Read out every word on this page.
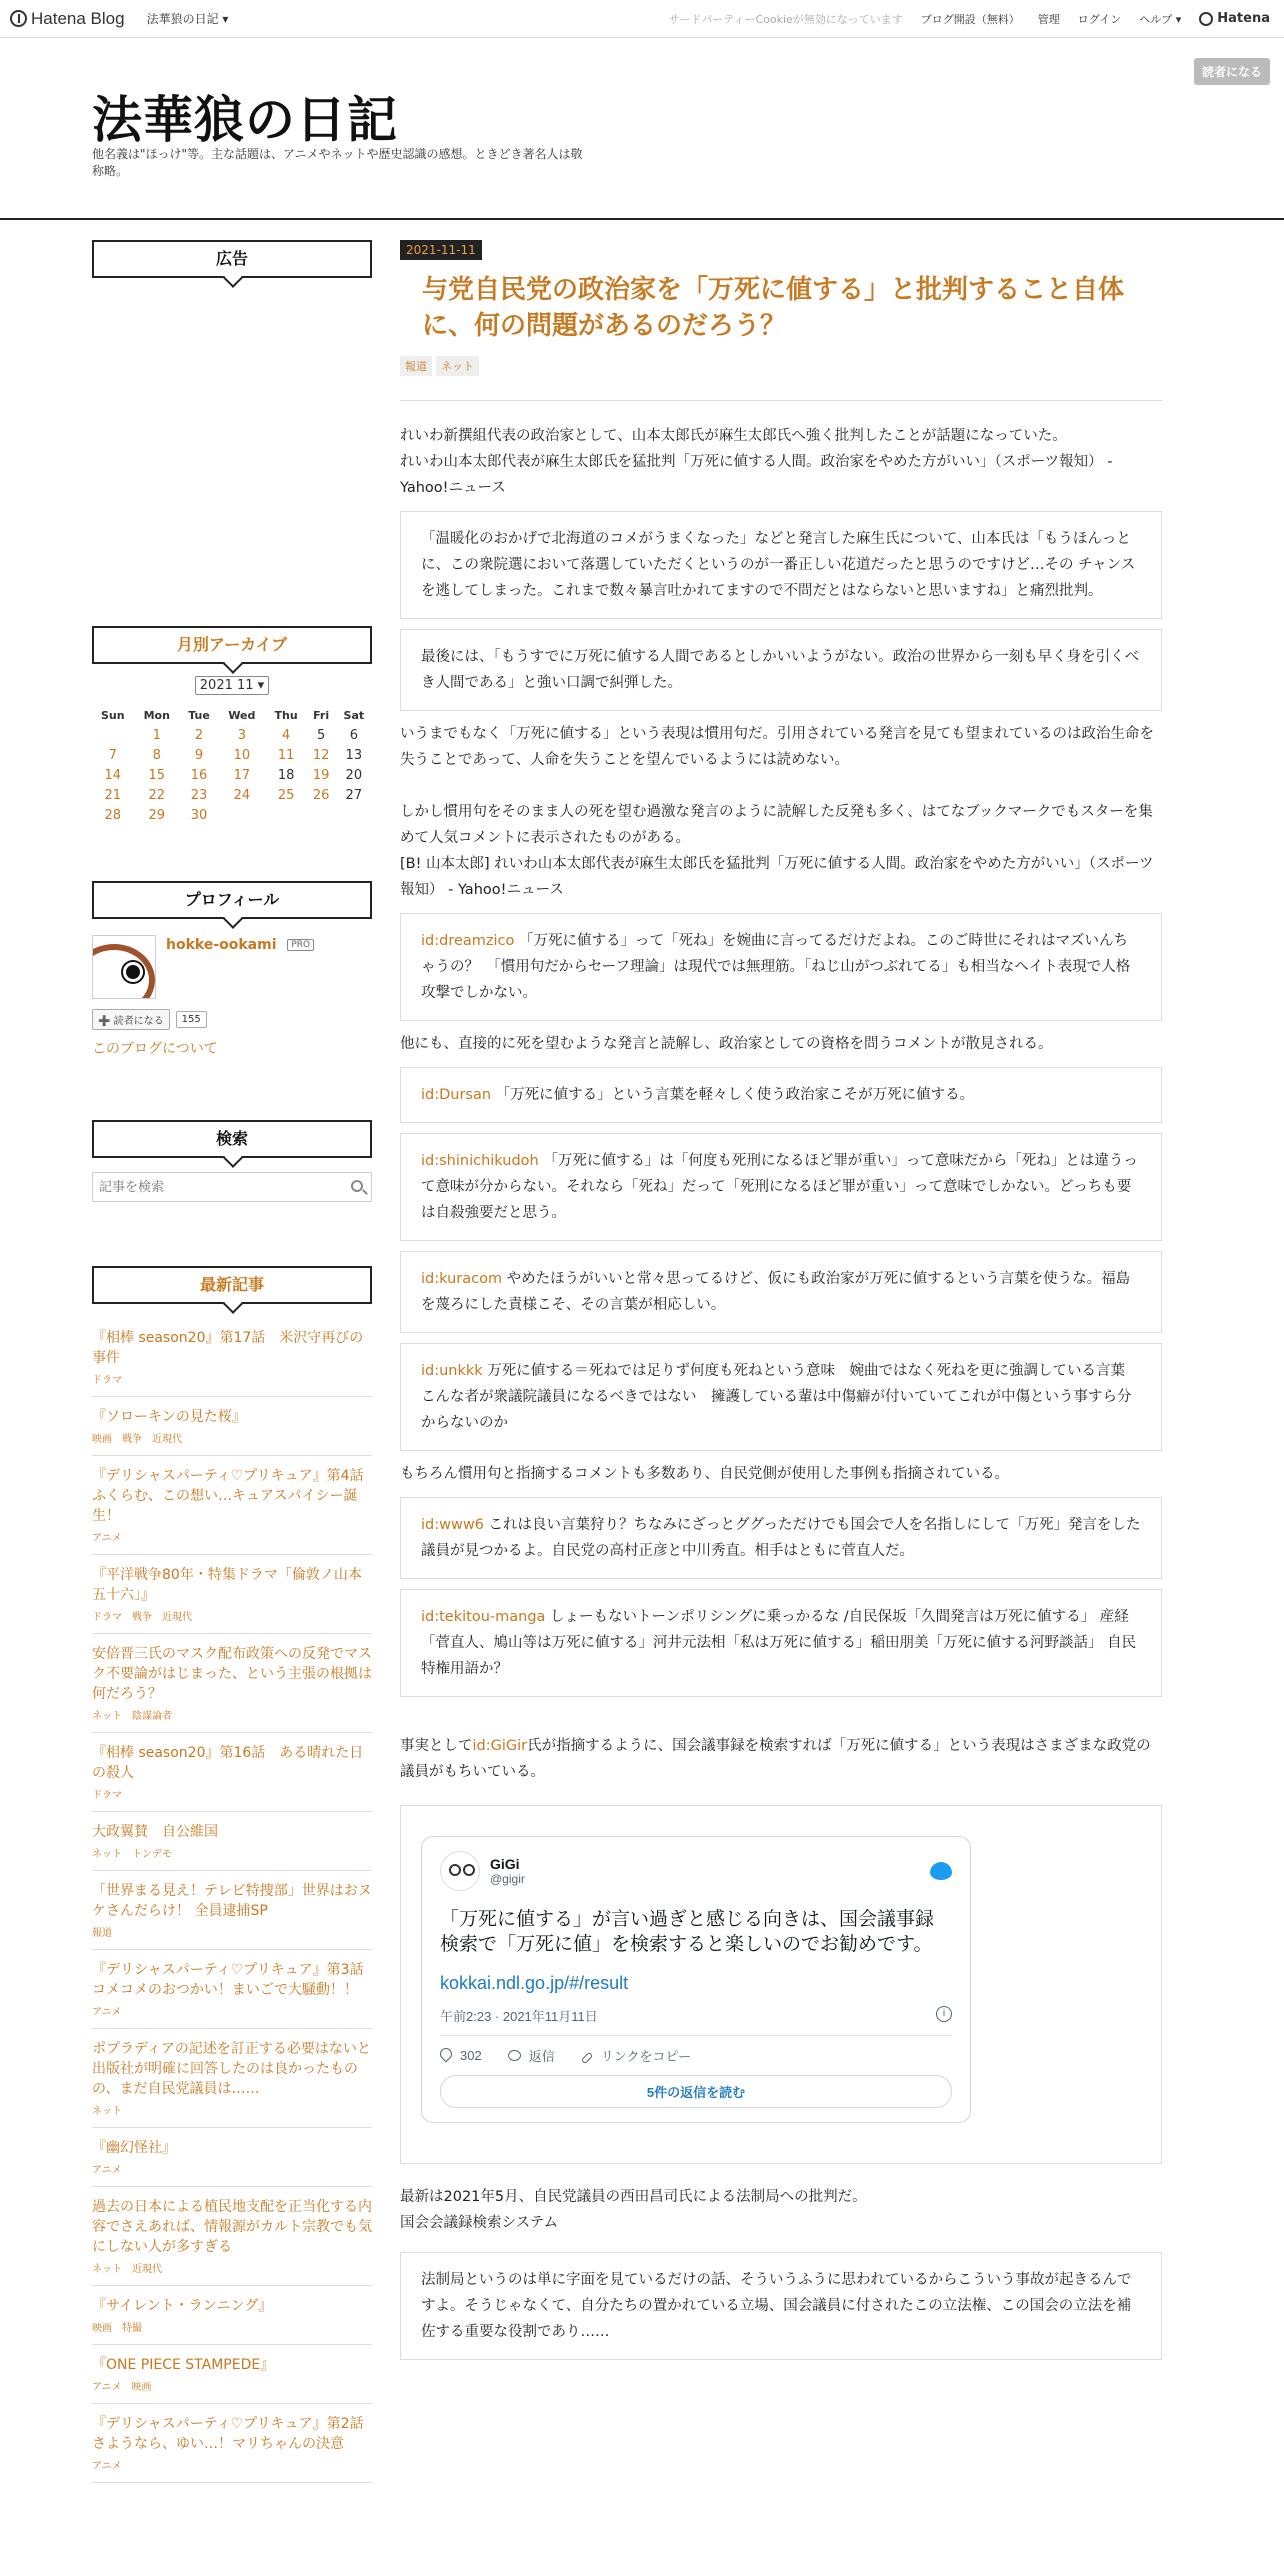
Hatena Blog 法華狼の日記 ▾	サードパーティーCookieが無効になっています ブログ開設（無料） 管理 ログイン ヘルプ ▾	Hatena
法華狼の日記
他名義は"ほっけ"等。主な話題は、アニメやネットや歴史認識の感想。ときどき著名人は敬称略。
読者になる
広告
月別アーカイブ
2021 11 ▾
Sun	Mon	Tue	Wed	Thu	Fri	Sat
	1	2	3	4	5	6
7	8	9	10	11	12	13
14	15	16	17	18	19	20
21	22	23	24	25	26	27
28	29	30				
プロフィール
hokke-ookami PRO
➕ 読者になる	155
このブログについて
検索
記事を検索
最新記事
『相棒 season20』第17話　米沢守再びの事件
ドラマ
『ソローキンの見た桜』
映画　戦争　近現代
『デリシャスパーティ♡プリキュア』第4話　ふくらむ、この想い…キュアスパイシー誕生！
アニメ
『平洋戦争80年・特集ドラマ「倫敦ノ山本五十六」』
ドラマ　戦争　近現代
安倍晋三氏のマスク配布政策への反発でマスク不要論がはじまった、という主張の根拠は何だろう？
ネット　陰謀論者
『相棒 season20』第16話　ある晴れた日の殺人
ドラマ
大政翼賛　自公維国
ネット　トンデモ
「世界まる見え！テレビ特捜部」世界はおヌケさんだらけ！ 全員逮捕SP
報道
『デリシャスパーティ♡プリキュア』第3話　コメコメのおつかい！まいごで大騒動！！
アニメ
ポプラディアの記述を訂正する必要はないと出版社が明確に回答したのは良かったものの、まだ自民党議員は……
ネット
『幽幻怪社』
アニメ
過去の日本による植民地支配を正当化する内容でさえあれば、情報源がカルト宗教でも気にしない人が多すぎる
ネット　近現代
『サイレント・ランニング』
映画　特撮
『ONE PIECE STAMPEDE』
アニメ　映画
『デリシャスパーティ♡プリキュア』第2話　さようなら、ゆい…！マリちゃんの決意
アニメ
2021-11-11
与党自民党の政治家を「万死に値する」と批判すること自体に、何の問題があるのだろう？
報道	ネット
れいわ新撰組代表の政治家として、山本太郎氏が麻生太郎氏へ強く批判したことが話題になっていた。
れいわ山本太郎代表が麻生太郎氏を猛批判「万死に値する人間。政治家をやめた方がいい」（スポーツ報知） - Yahoo!ニュース
「温暖化のおかげで北海道のコメがうまくなった」などと発言した麻生氏について、山本氏は「もうほんっとに、この衆院選において落選していただくというのが一番正しい花道だったと思うのですけど…その チャンスを逃してしまった。これまで数々暴言吐かれてますので不問だとはならないと思いますね」と痛烈批判。
最後には、「もうすでに万死に値する人間であるとしかいいようがない。政治の世界から一刻も早く身を引くべき人間である」と強い口調で糾弾した。
いうまでもなく「万死に値する」という表現は慣用句だ。引用されている発言を見ても望まれているのは政治生命を失うことであって、人命を失うことを望んでいるようには読めない。
しかし慣用句をそのまま人の死を望む過激な発言のように読解した反発も多く、はてなブックマークでもスターを集めて人気コメントに表示されたものがある。
[B! 山本太郎] れいわ山本太郎代表が麻生太郎氏を猛批判「万死に値する人間。政治家をやめた方がいい」（スポーツ報知） - Yahoo!ニュース
id:dreamzico 「万死に値する」って「死ね」を婉曲に言ってるだけだよね。このご時世にそれはマズいんちゃうの？　「慣用句だからセーフ理論」は現代では無理筋。「ねじ山がつぶれてる」も相当なヘイト表現で人格攻撃でしかない。
他にも、直接的に死を望むような発言と読解し、政治家としての資格を問うコメントが散見される。
id:Dursan 「万死に値する」という言葉を軽々しく使う政治家こそが万死に値する。
id:shinichikudoh 「万死に値する」は「何度も死刑になるほど罪が重い」って意味だから「死ね」とは違うって意味が分からない。それなら「死ね」だって「死刑になるほど罪が重い」って意味でしかない。どっちも要は自殺強要だと思う。
id:kuracom やめたほうがいいと常々思ってるけど、仮にも政治家が万死に値するという言葉を使うな。福島を蔑ろにした責様こそ、その言葉が相応しい。
id:unkkk 万死に値する＝死ねでは足りず何度も死ねという意味　婉曲ではなく死ねを更に強調している言葉　こんな者が衆議院議員になるべきではない　擁護している輩は中傷癖が付いていてこれが中傷という事すら分からないのか
もちろん慣用句と指摘するコメントも多数あり、自民党側が使用した事例も指摘されている。
id:www6 これは良い言葉狩り？ちなみにざっとググっただけでも国会で人を名指しにして「万死」発言をした議員が見つかるよ。自民党の高村正彦と中川秀直。相手はともに菅直人だ。
id:tekitou-manga しょーもないトーンポリシングに乗っかるな /自民保坂「久間発言は万死に値する」 産経「菅直人、鳩山等は万死に値する」河井元法相「私は万死に値する」稲田朋美「万死に値する河野談話」 自民特権用語か？
事実としてid:GiGir氏が指摘するように、国会議事録を検索すれば「万死に値する」という表現はさまざまな政党の議員がもちいている。
GiGi
@gigir
「万死に値する」が言い過ぎと感じる向きは、国会議事録検索で「万死に値」を検索すると楽しいのでお勧めです。
kokkai.ndl.go.jp/#/result
午前2:23 · 2021年11月11日	i
302	返信	リンクをコピー
5件の返信を読む
最新は2021年5月、自民党議員の西田昌司氏による法制局への批判だ。
国会会議録検索システム
法制局というのは単に字面を見ているだけの話、そういうふうに思われているからこういう事故が起きるんですよ。そうじゃなくて、自分たちの置かれている立場、国会議員に付されたこの立法権、この国会の立法を補佐する重要な役割であり……
